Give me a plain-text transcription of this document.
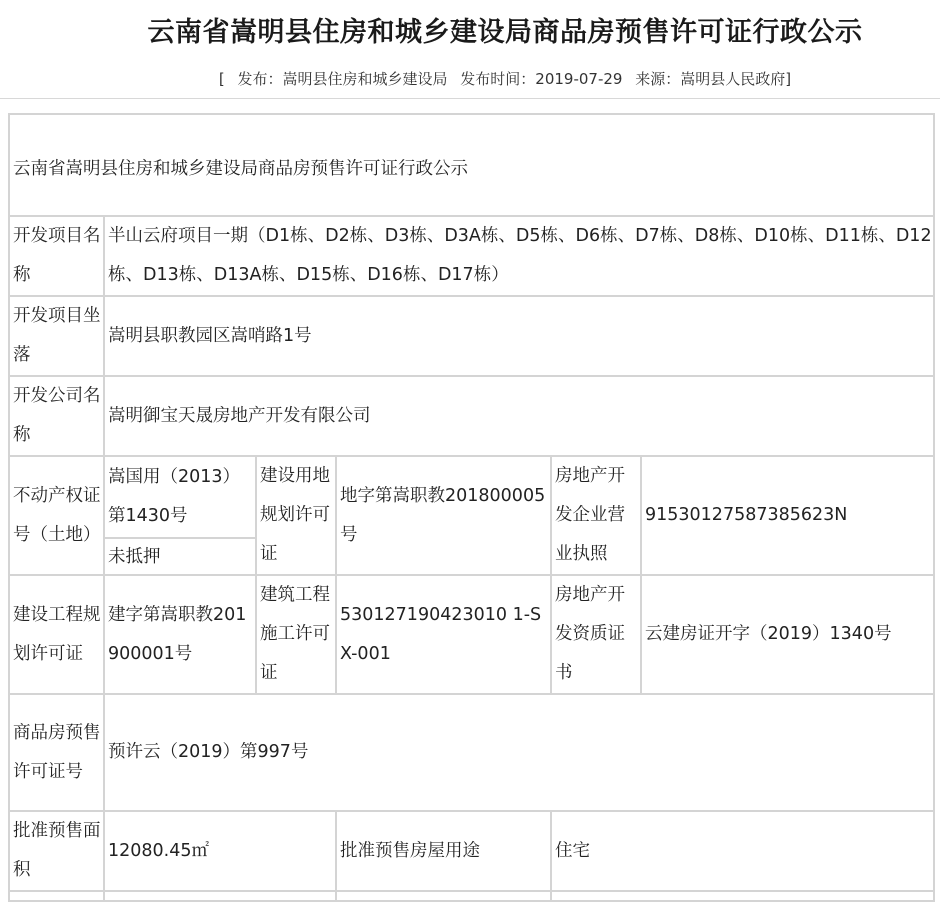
云南省嵩明县住房和城乡建设局商品房预售许可证行政公示
[ 发布：嵩明县住房和城乡建设局 发布时间：2019-07-29 来源：嵩明县人民政府]
云南省嵩明县住房和城乡建设局商品房预售许可证行政公示					
开发项目名称	半山云府项目一期（D1栋、D2栋、D3栋、D3A栋、D5栋、D6栋、D7栋、D8栋、D10栋、D11栋、D12栋、D13栋、D13A栋、D15栋、D16栋、D17栋）				
开发项目坐落	嵩明县职教园区嵩哨路1号				
开发公司名称	嵩明御宝天晟房地产开发有限公司				
不动产权证号（土地）	嵩国用（2013）第1430号	建设用地规划许可证	地字第嵩职教201800005号	房地产开发企业营业执照	91530127587385623N
	未抵押				
建设工程规划许可证	建字第嵩职教201900001号	建筑工程施工许可证	530127190423010 1-SX-001	房地产开发资质证书	云建房证开字（2019）1340号
商品房预售许可证号	预许云（2019）第997号				
批准预售面积	12080.45㎡		批准预售房屋用途	住宅	
